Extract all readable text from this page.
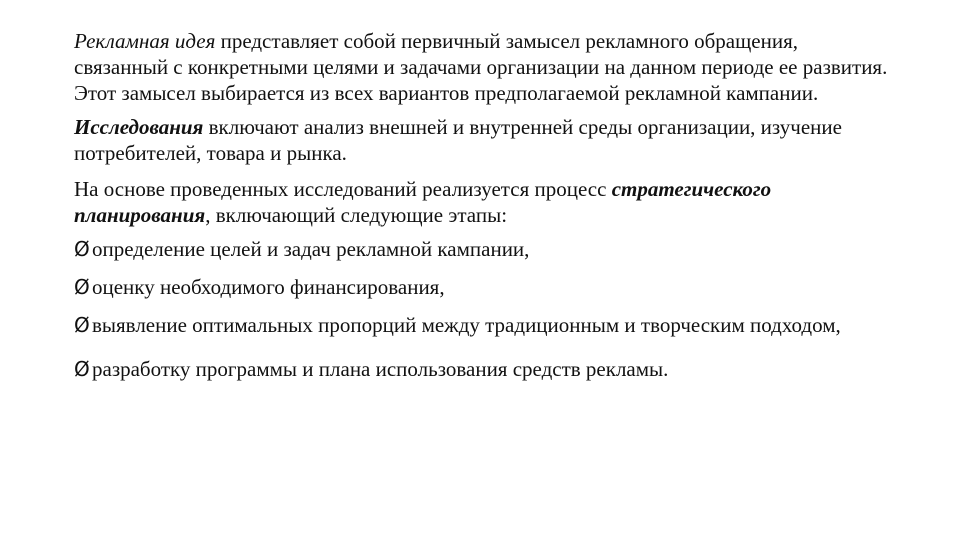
Рекламная идея представляет собой первичный замысел рекламного обращения, связанный с конкретными целями и задачами организации на данном периоде ее развития.

Этот замысел выбирается из всех вариантов предполагаемой рекламной кампании.

Исследования включают анализ внешней и внутренней среды организации, изучение потребителей, товара и рынка.

На основе проведенных исследований реализуется процесс стратегического планирования, включающий следующие этапы:

Ø определение целей и задач рекламной кампании,
Ø оценку необходимого финансирования,
Ø выявление оптимальных пропорций между традиционным и творческим подходом,
Ø разработку программы и плана использования средств рекламы.
